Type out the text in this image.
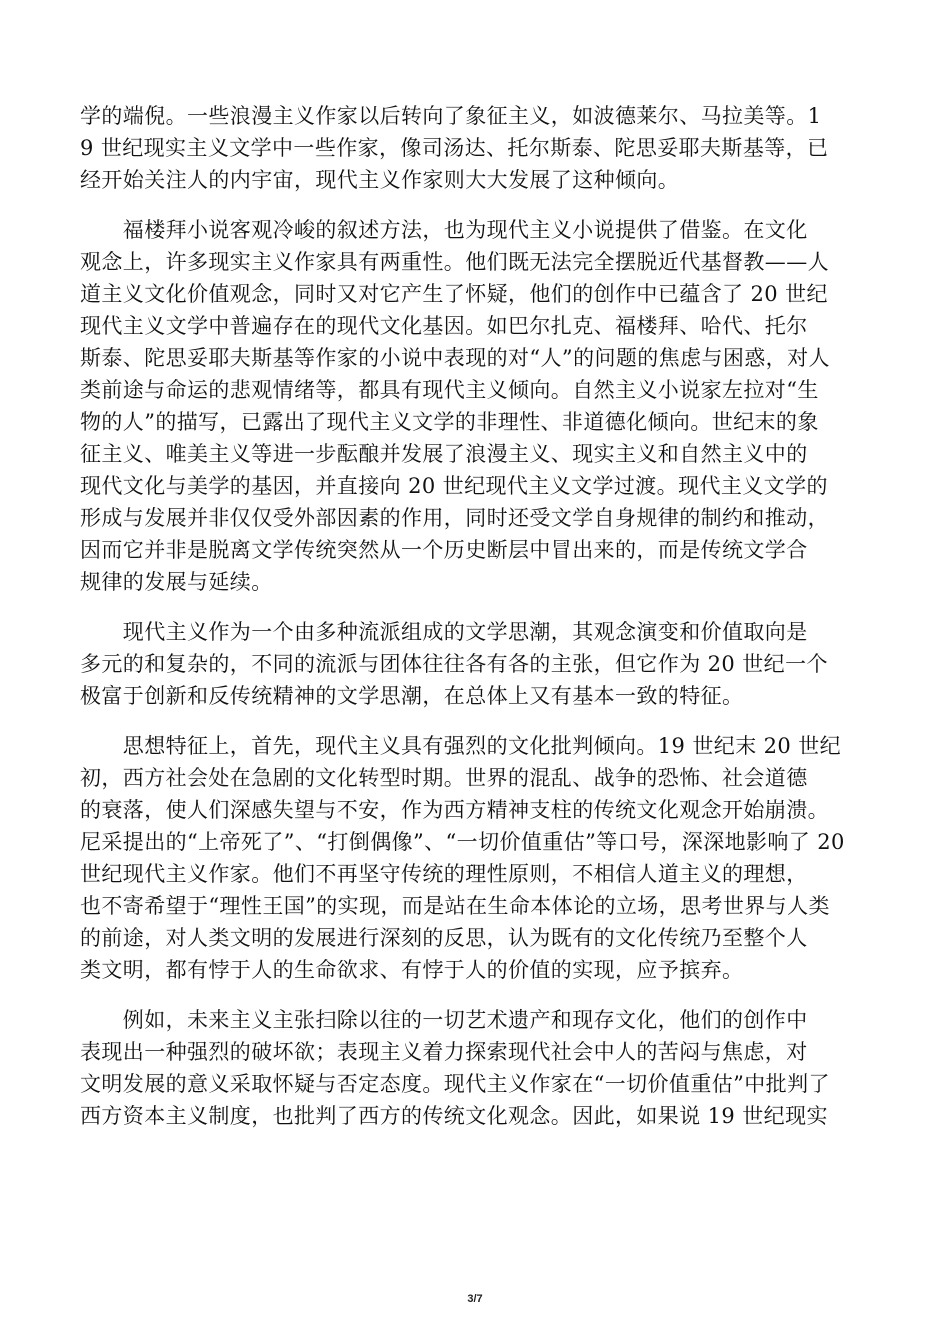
学的端倪。一些浪漫主义作家以后转向了象征主义，如波德莱尔、马拉美等。1
9 世纪现实主义文学中一些作家，像司汤达、托尔斯泰、陀思妥耶夫斯基等，已
经开始关注人的内宇宙，现代主义作家则大大发展了这种倾向。
　　福楼拜小说客观冷峻的叙述方法，也为现代主义小说提供了借鉴。在文化
观念上，许多现实主义作家具有两重性。他们既无法完全摆脱近代基督教——人
道主义文化价值观念，同时又对它产生了怀疑，他们的创作中已蕴含了 20 世纪
现代主义文学中普遍存在的现代文化基因。如巴尔扎克、福楼拜、哈代、托尔
斯泰、陀思妥耶夫斯基等作家的小说中表现的对“人”的问题的焦虑与困惑，对人
类前途与命运的悲观情绪等，都具有现代主义倾向。自然主义小说家左拉对“生
物的人”的描写，已露出了现代主义文学的非理性、非道德化倾向。世纪末的象
征主义、唯美主义等进一步酝酿并发展了浪漫主义、现实主义和自然主义中的
现代文化与美学的基因，并直接向 20 世纪现代主义文学过渡。现代主义文学的
形成与发展并非仅仅受外部因素的作用，同时还受文学自身规律的制约和推动，
因而它并非是脱离文学传统突然从一个历史断层中冒出来的，而是传统文学合
规律的发展与延续。
　　现代主义作为一个由多种流派组成的文学思潮，其观念演变和价值取向是
多元的和复杂的，不同的流派与团体往往各有各的主张，但它作为 20 世纪一个
极富于创新和反传统精神的文学思潮，在总体上又有基本一致的特征。
　　思想特征上，首先，现代主义具有强烈的文化批判倾向。19 世纪末 20 世纪
初，西方社会处在急剧的文化转型时期。世界的混乱、战争的恐怖、社会道德
的衰落，使人们深感失望与不安，作为西方精神支柱的传统文化观念开始崩溃。
尼采提出的“上帝死了”、“打倒偶像”、“一切价值重估”等口号，深深地影响了 20
世纪现代主义作家。他们不再坚守传统的理性原则，不相信人道主义的理想，
也不寄希望于“理性王国”的实现，而是站在生命本体论的立场，思考世界与人类
的前途，对人类文明的发展进行深刻的反思，认为既有的文化传统乃至整个人
类文明，都有悖于人的生命欲求、有悖于人的价值的实现，应予摈弃。
　　例如，未来主义主张扫除以往的一切艺术遗产和现存文化，他们的创作中
表现出一种强烈的破坏欲；表现主义着力探索现代社会中人的苦闷与焦虑，对
文明发展的意义采取怀疑与否定态度。现代主义作家在“一切价值重估”中批判了
西方资本主义制度，也批判了西方的传统文化观念。因此，如果说 19 世纪现实
3/7
